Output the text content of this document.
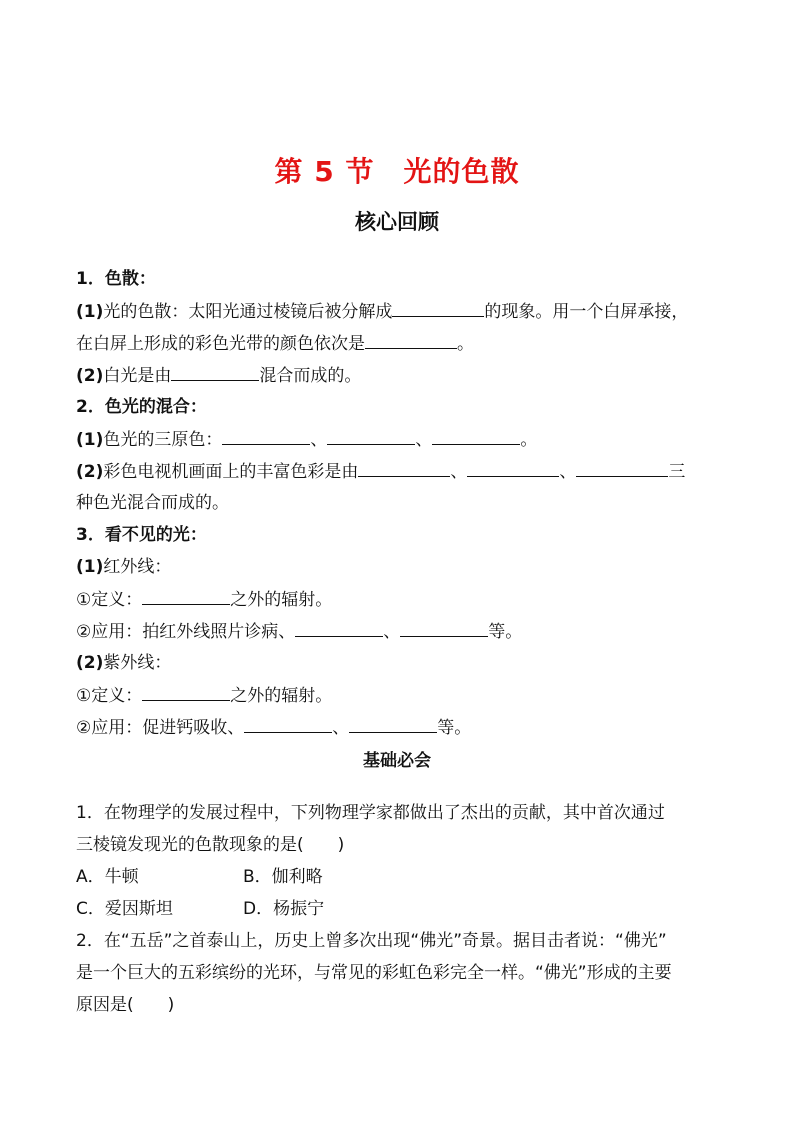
第 5 节　光的色散
核心回顾
1．色散：
(1)光的色散：太阳光通过棱镜后被分解成	的现象。用一个白屏承接，
在白屏上形成的彩色光带的颜色依次是	。
(2)白光是由	混合而成的。
2．色光的混合：
(1)色光的三原色：	、	、	。
(2)彩色电视机画面上的丰富色彩是由	、	、	三
种色光混合而成的。
3．看不见的光：
(1)红外线：
①定义：	之外的辐射。
②应用：拍红外线照片诊病、	、	等。
(2)紫外线：
①定义：	之外的辐射。
②应用：促进钙吸收、	、	等。
基础必会
1．在物理学的发展过程中，下列物理学家都做出了杰出的贡献，其中首次通过
三棱镜发现光的色散现象的是(　　)
A．牛顿	B．伽利略
C．爱因斯坦	D．杨振宁
2．在“五岳”之首泰山上，历史上曾多次出现“佛光”奇景。据目击者说：“佛光”
是一个巨大的五彩缤纷的光环，与常见的彩虹色彩完全一样。“佛光”形成的主要
原因是(　　)
